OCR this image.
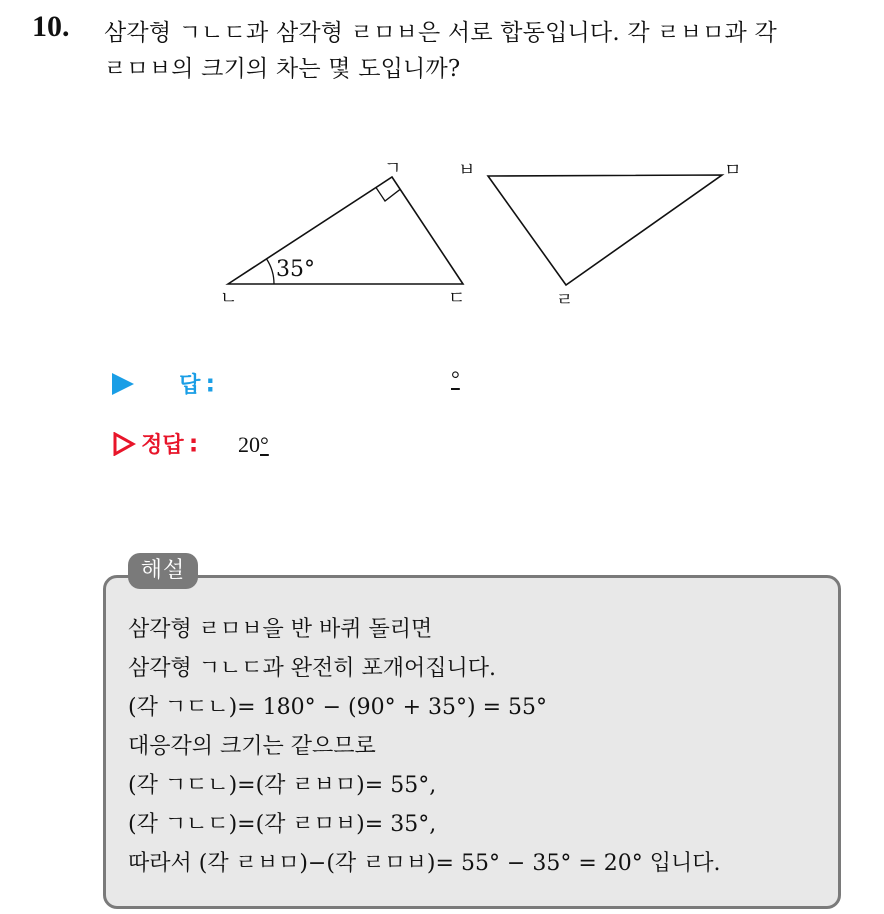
10. 삼각형 ㄱㄴㄷ과 삼각형 ㄹㅁㅂ은 서로 합동입니다. 각 ㄹㅂㅁ과 각
ㄹㅁㅂ의 크기의 차는 몇 도입니까?
35°
ㄱ
ㄴ	ㄷ
ㅂ	ㅁ
ㄹ
답 :	°
정답 : 20°
해설
삼각형 ㄹㅁㅂ을 반 바퀴 돌리면
삼각형 ㄱㄴㄷ과 완전히 포개어집니다.
(각 ㄱㄷㄴ)= 180° − (90° + 35°) = 55°
대응각의 크기는 같으므로
(각 ㄱㄷㄴ)=(각 ㄹㅂㅁ)= 55°,
(각 ㄱㄴㄷ)=(각 ㄹㅁㅂ)= 35°,
따라서 (각 ㄹㅂㅁ)−(각 ㄹㅁㅂ)= 55° − 35° = 20° 입니다.
